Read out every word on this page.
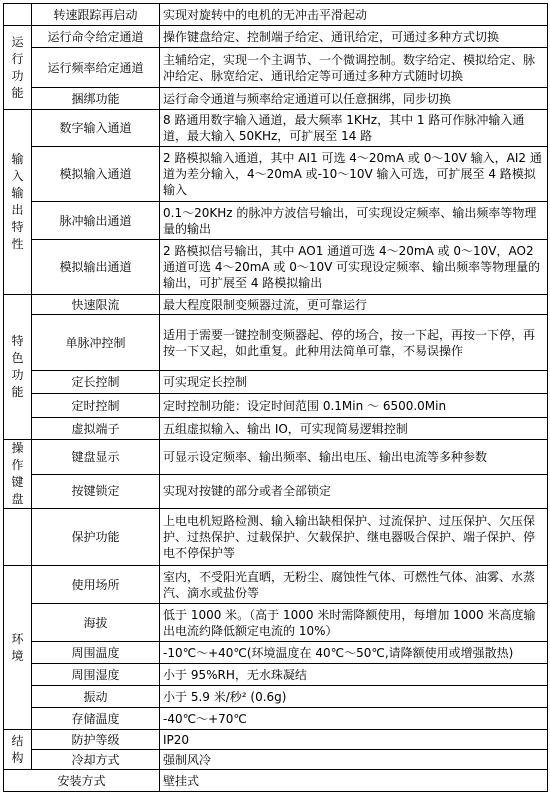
	转速跟踪再启动	实现对旋转中的电机的无冲击平滑起动
运行功能	运行命令给定通道	操作键盘给定、控制端子给定、通讯给定，可通过多种方式切换
	运行频率给定通道	主辅给定，实现一个主调节、一个微调控制。数字给定、模拟给定、脉冲给定、脉宽给定、通讯给定等可通过多种方式随时切换
	捆绑功能	运行命令通道与频率给定通道可以任意捆绑，同步切换
输入输出特性	数字输入通道	8 路通用数字输入通道，最大频率 1KHz，其中 1 路可作脉冲输入通道，最大输入 50KHz，可扩展至 14 路
	模拟输入通道	2 路模拟输入通道，其中 AI1 可选 4～20mA 或 0～10V 输入，AI2 通道为差分输入，4～20mA 或-10～10V 输入可选，可扩展至 4 路模拟输入
	脉冲输出通道	0.1～20KHz 的脉冲方波信号输出，可实现设定频率、输出频率等物理量的输出
	模拟输出通道	2 路模拟信号输出，其中 AO1 通道可选 4～20mA 或 0～10V，AO2 通道可选 4～20mA 或 0～10V 可实现设定频率、输出频率等物理量的输出，可扩展至 4 路模拟输出
特色功能	快速限流	最大程度限制变频器过流，更可靠运行
	单脉冲控制	适用于需要一键控制变频器起、停的场合，按一下起，再按一下停，再按一下又起，如此重复。此种用法简单可靠，不易误操作
	定长控制	可实现定长控制
	定时控制	定时控制功能：设定时间范围 0.1Min ～ 6500.0Min
	虚拟端子	五组虚拟输入、输出 IO，可实现简易逻辑控制
操作键盘	键盘显示	可显示设定频率、输出频率、输出电压、输出电流等多种参数
	按键锁定	实现对按键的部分或者全部锁定
	保护功能	上电电机短路检测、输入输出缺相保护、过流保护、过压保护、欠压保护、过热保护、过载保护、欠载保护、继电器吸合保护、端子保护、停电不停保护等
环境	使用场所	室内，不受阳光直晒，无粉尘、腐蚀性气体、可燃性气体、油雾、水蒸汽、滴水或盐份等
	海拔	低于 1000 米。（高于 1000 米时需降额使用，每增加 1000 米高度输出电流约降低额定电流的 10%）
	周围温度	-10℃～+40℃(环境温度在 40℃～50℃,请降额使用或增强散热)
	周围湿度	小于 95%RH，无水珠凝结
	振动	小于 5.9 米/秒² (0.6g)
	存储温度	-40℃～+70℃
结构	防护等级	IP20
	冷却方式	强制风冷
安装方式		壁挂式
